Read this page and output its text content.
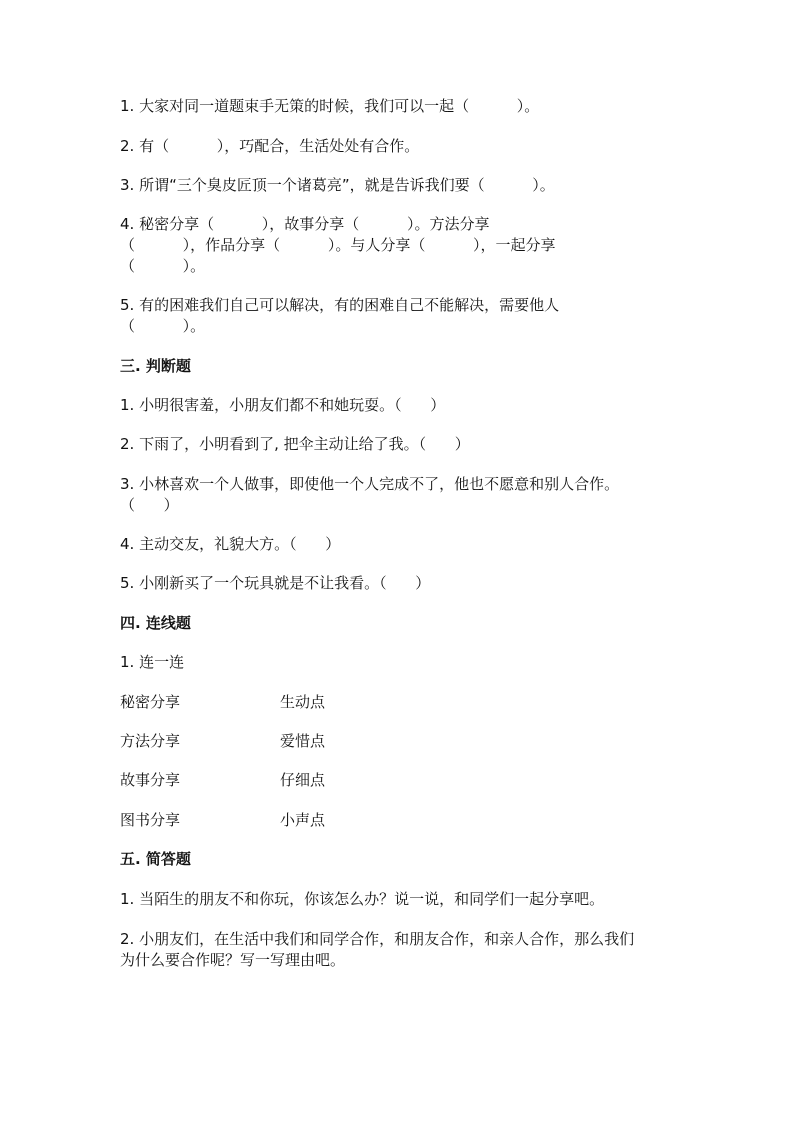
1. 大家对同一道题束手无策的时候，我们可以一起（          ）。

2. 有（          ），巧配合，生活处处有合作。

3. 所谓“三个臭皮匠顶一个诸葛亮”，就是告诉我们要（          ）。

4. 秘密分享（          ），故事分享（          ）。方法分享

（          ），作品分享（          ）。与人分享（          ），一起分享

（          ）。

5. 有的困难我们自己可以解决，有的困难自己不能解决，需要他人

（          ）。

三. 判断题

1. 小明很害羞，小朋友们都不和她玩耍。（      ）

2. 下雨了，小明看到了, 把伞主动让给了我。（      ）

3. 小林喜欢一个人做事，即使他一个人完成不了，他也不愿意和别人合作。

（      ）

4. 主动交友，礼貌大方。（      ）

5. 小刚新买了一个玩具就是不让我看。（      ）

四. 连线题

1. 连一连

秘密分享	生动点

方法分享	爱惜点

故事分享	仔细点

图书分享	小声点

五. 简答题

1. 当陌生的朋友不和你玩，你该怎么办？说一说，和同学们一起分享吧。

2. 小朋友们，在生活中我们和同学合作，和朋友合作，和亲人合作，那么我们

为什么要合作呢？写一写理由吧。
